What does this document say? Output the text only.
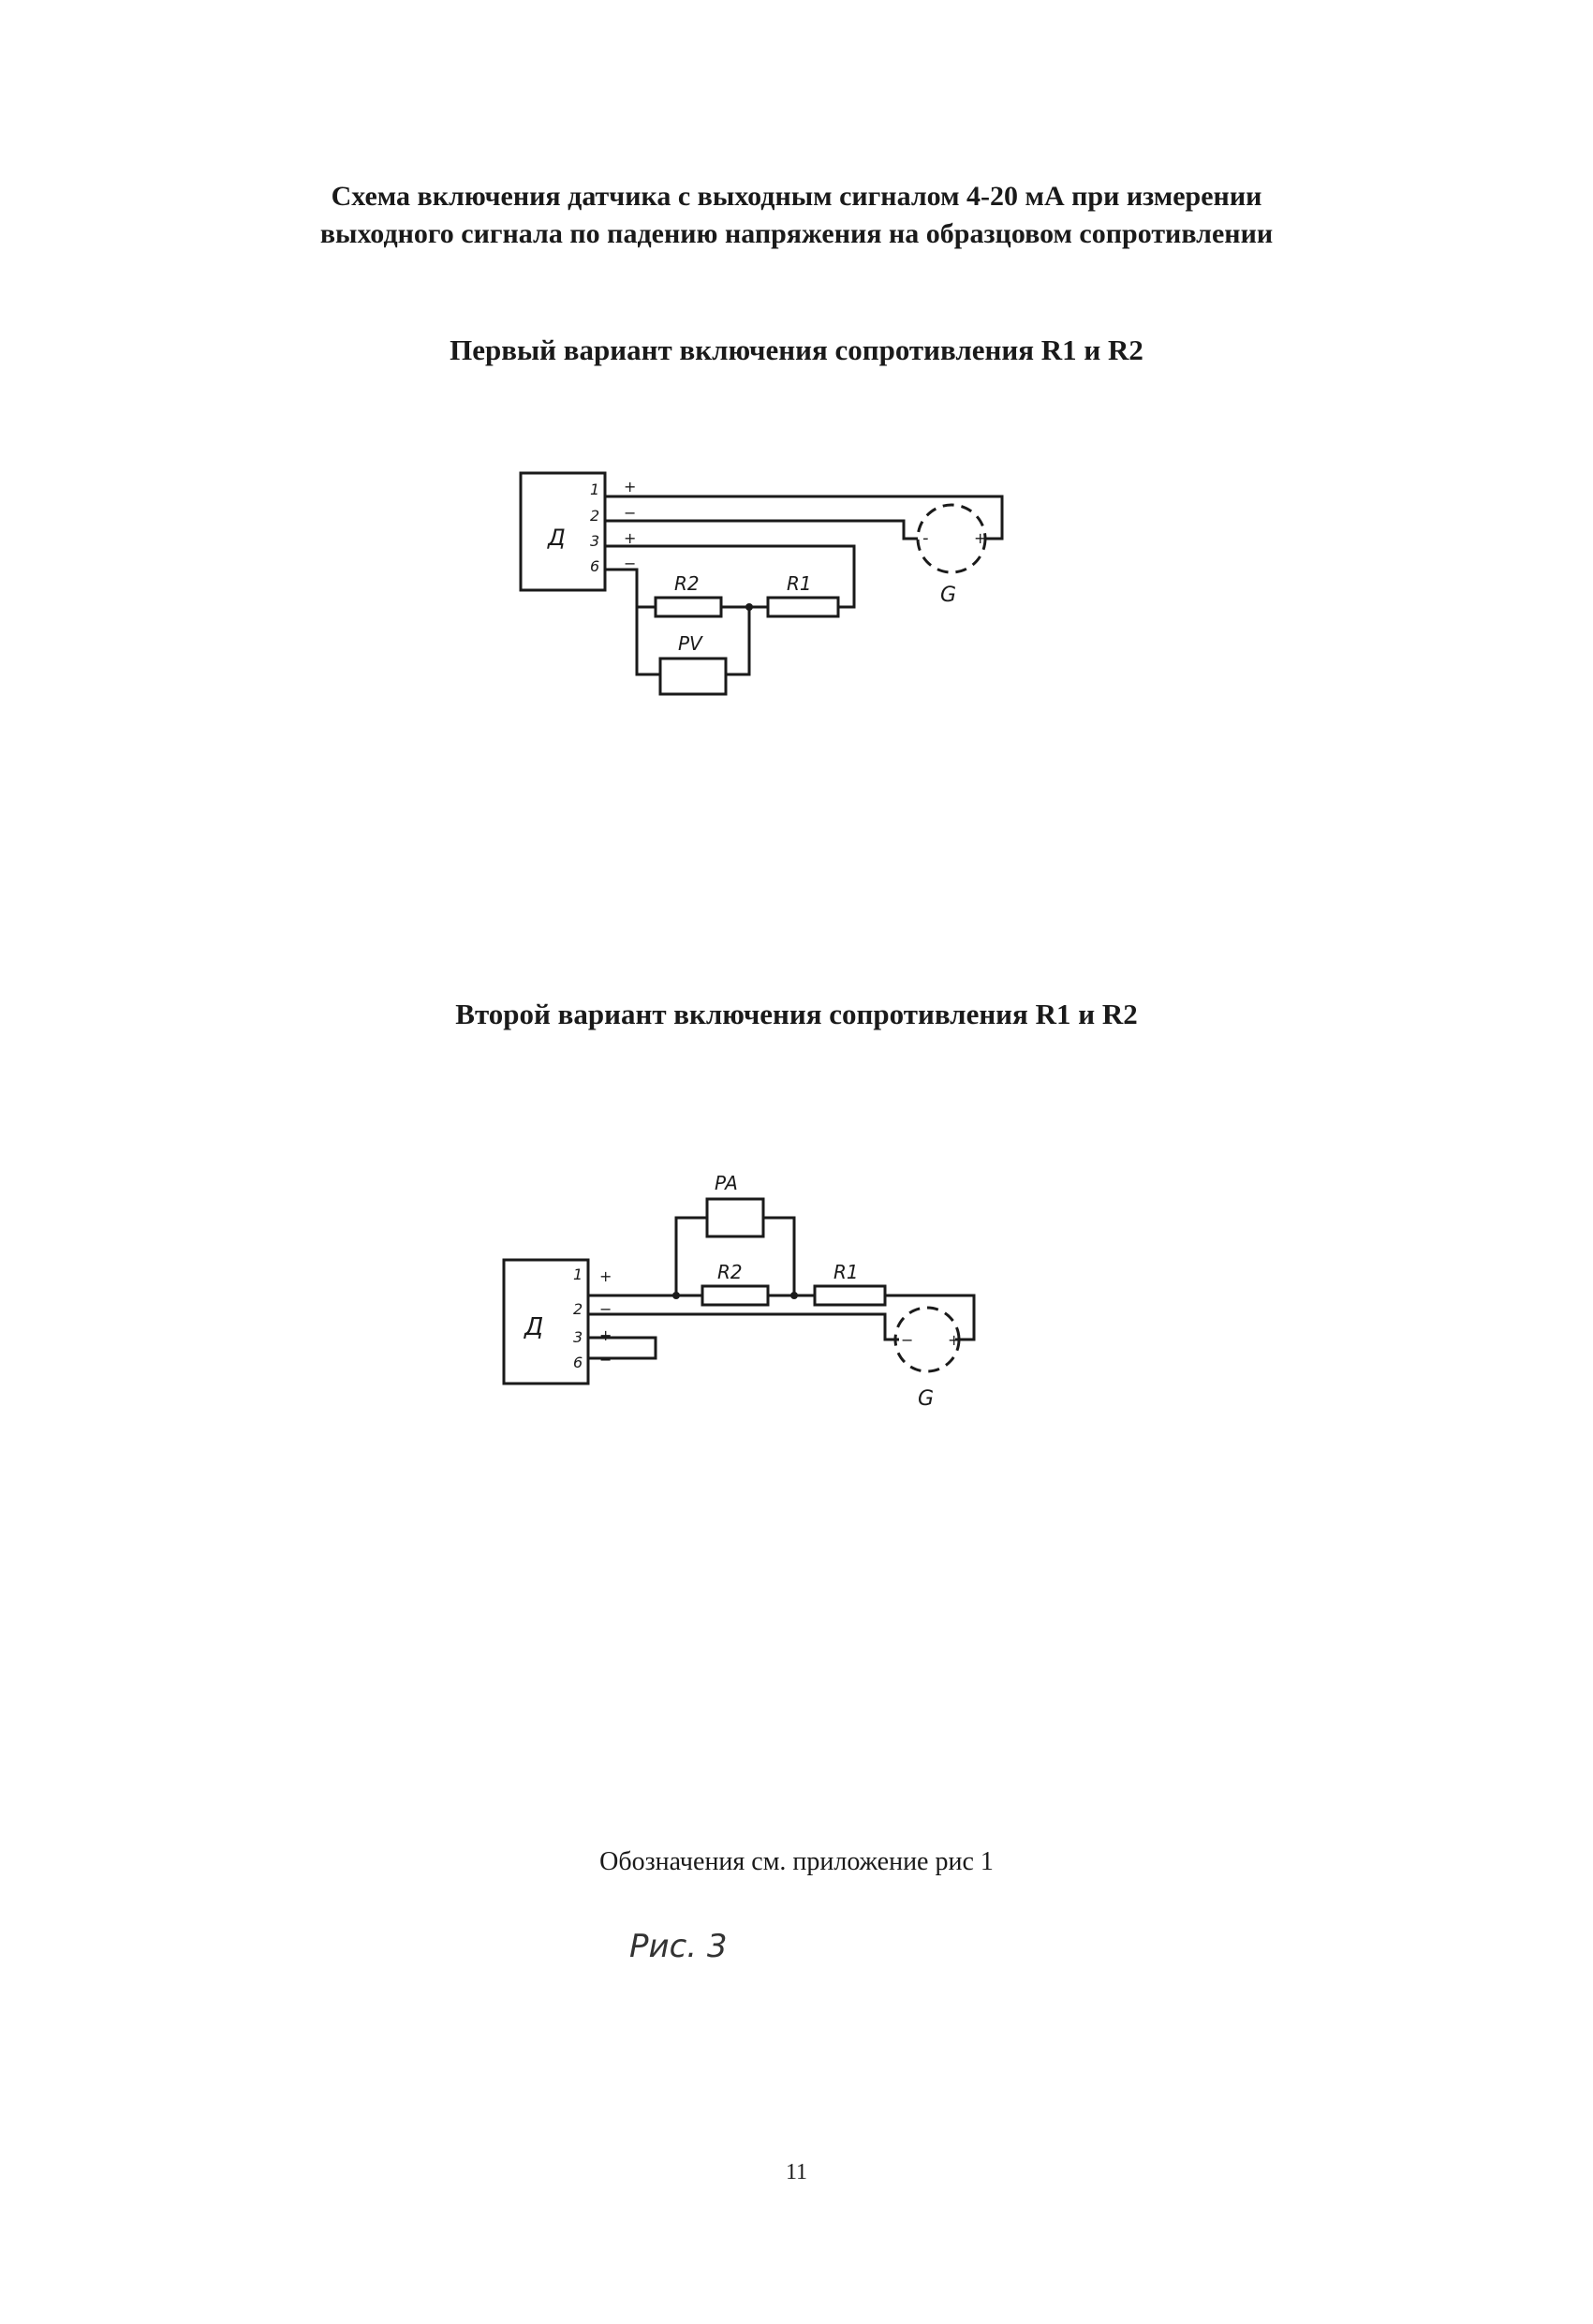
Схема включения датчика с выходным сигналом 4-20 мА при измерении
выходного сигнала по падению напряжения на образцовом сопротивлении
Первый вариант включения сопротивления R1 и R2
Второй вариант включения сопротивления R1 и R2
Д
1
2
3
6
+
−
+
−
R2	R1
PV
-	+
G
Д
1
2
3
6
+
−
+
−
PA
R2	R1
− +
G
Обозначения см. приложение рис 1
Рис. 3
11
